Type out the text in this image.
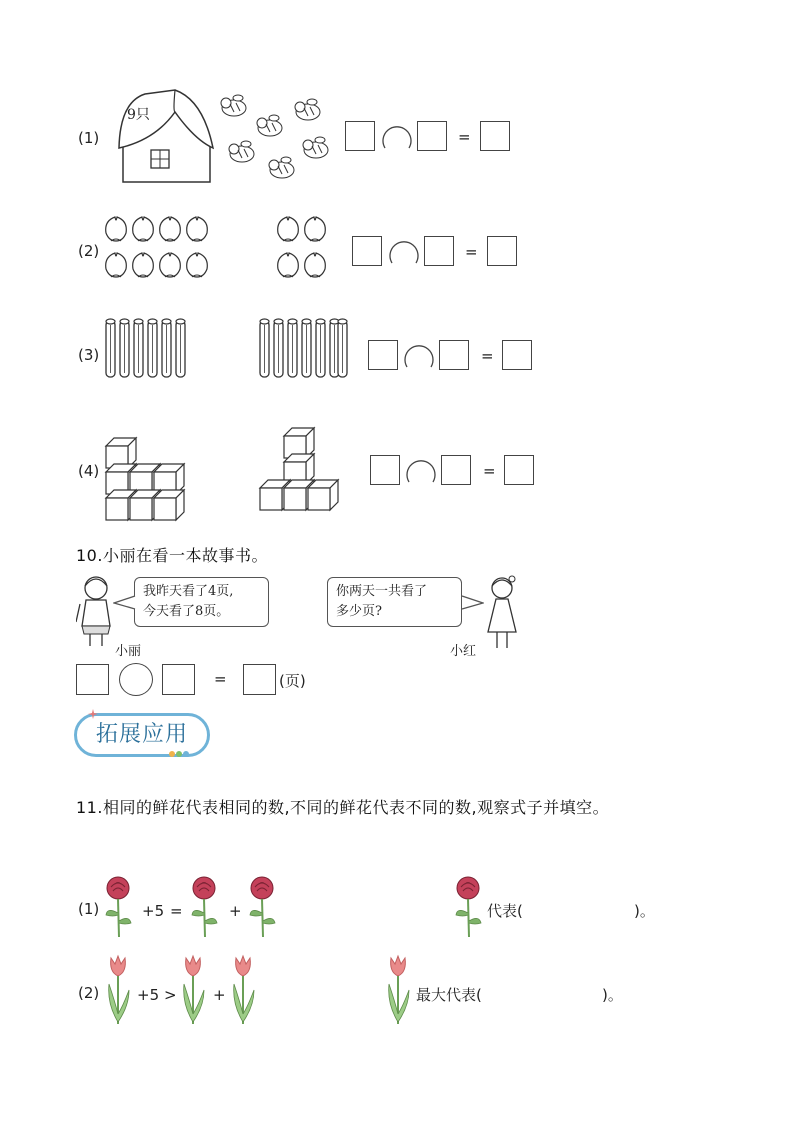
(1)
9只
=
(2)	=
(3)	=
(4)	=
10.小丽在看一本故事书。
我昨天看了4页,
今天看了8页。
小丽
你两天一共看了
多少页?
小红
=	(页)
拓展应用
11.相同的鲜花代表相同的数,不同的鲜花代表不同的数,观察式子并填空。
(1)	+5 =	+	代表(	)。
(2)	+5 > +	最大代表(	)。
